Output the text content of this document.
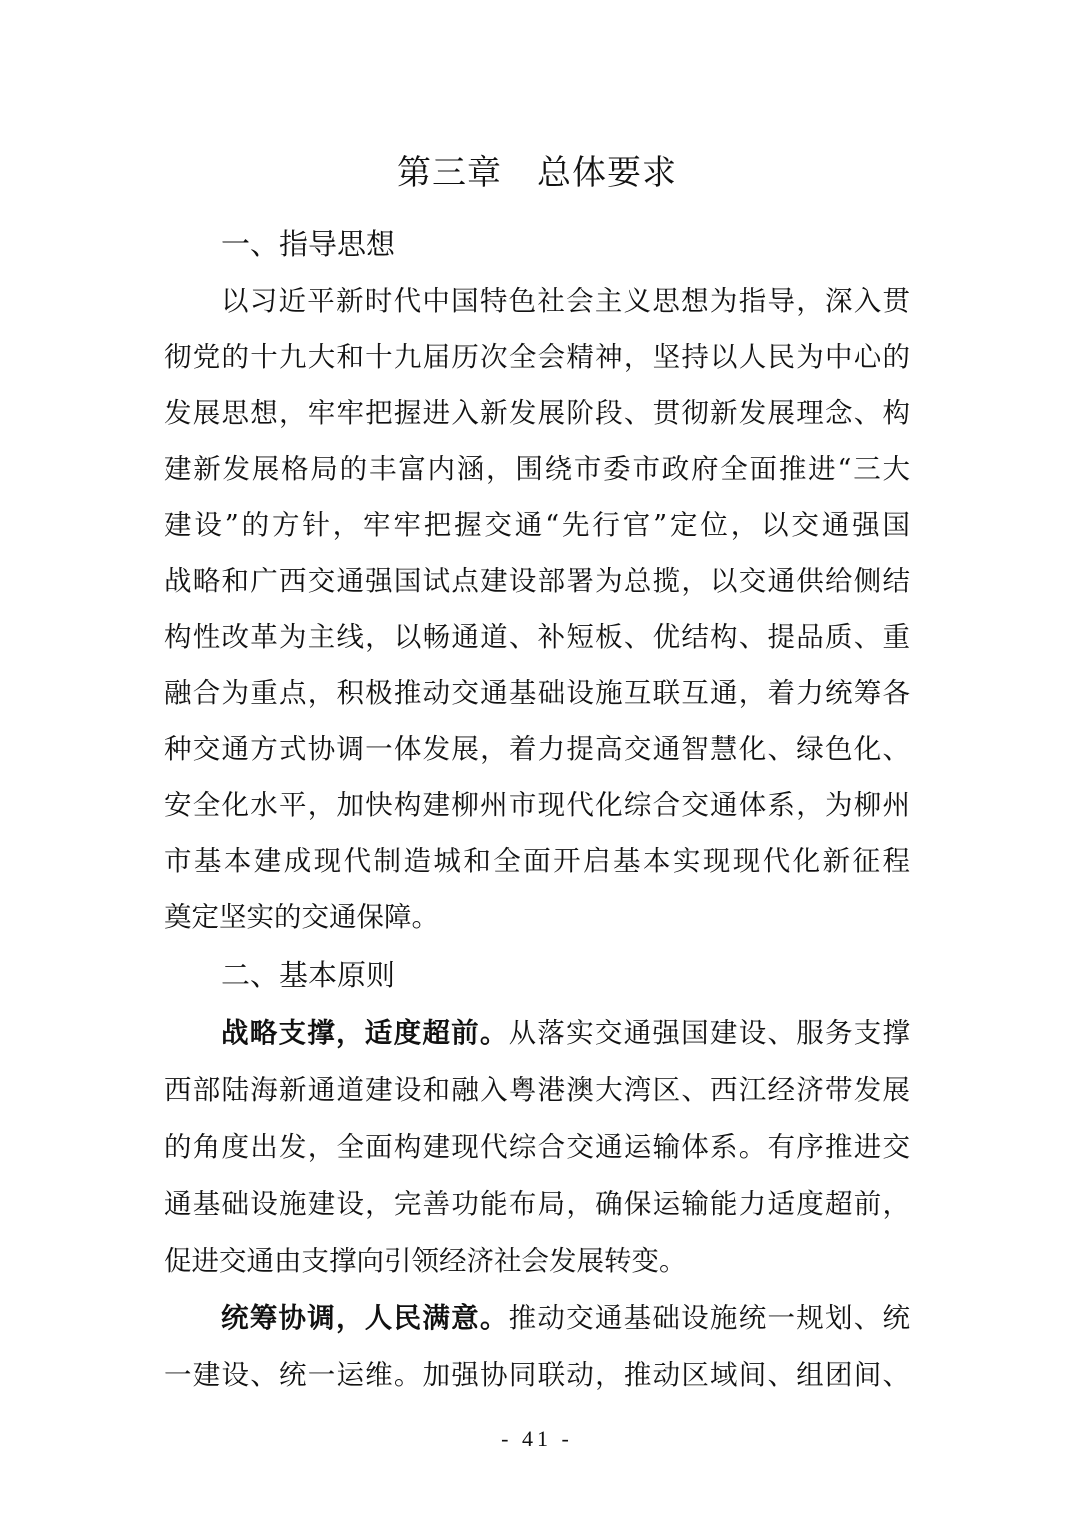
第三章　总体要求
一、指导思想
以习近平新时代中国特色社会主义思想为指导，深入贯
彻党的十九大和十九届历次全会精神，坚持以人民为中心的
发展思想，牢牢把握进入新发展阶段、贯彻新发展理念、构
建新发展格局的丰富内涵，围绕市委市政府全面推进“三大
建设”的方针，牢牢把握交通“先行官”定位，以交通强国
战略和广西交通强国试点建设部署为总揽，以交通供给侧结
构性改革为主线，以畅通道、补短板、优结构、提品质、重
融合为重点，积极推动交通基础设施互联互通，着力统筹各
种交通方式协调一体发展，着力提高交通智慧化、绿色化、
安全化水平，加快构建柳州市现代化综合交通体系，为柳州
市基本建成现代制造城和全面开启基本实现现代化新征程
奠定坚实的交通保障。
二、基本原则
战略支撑，适度超前。从落实交通强国建设、服务支撑
西部陆海新通道建设和融入粤港澳大湾区、西江经济带发展
的角度出发，全面构建现代综合交通运输体系。有序推进交
通基础设施建设，完善功能布局，确保运输能力适度超前，
促进交通由支撑向引领经济社会发展转变。
统筹协调，人民满意。推动交通基础设施统一规划、统
一建设、统一运维。加强协同联动，推动区域间、组团间、
- 41 -
